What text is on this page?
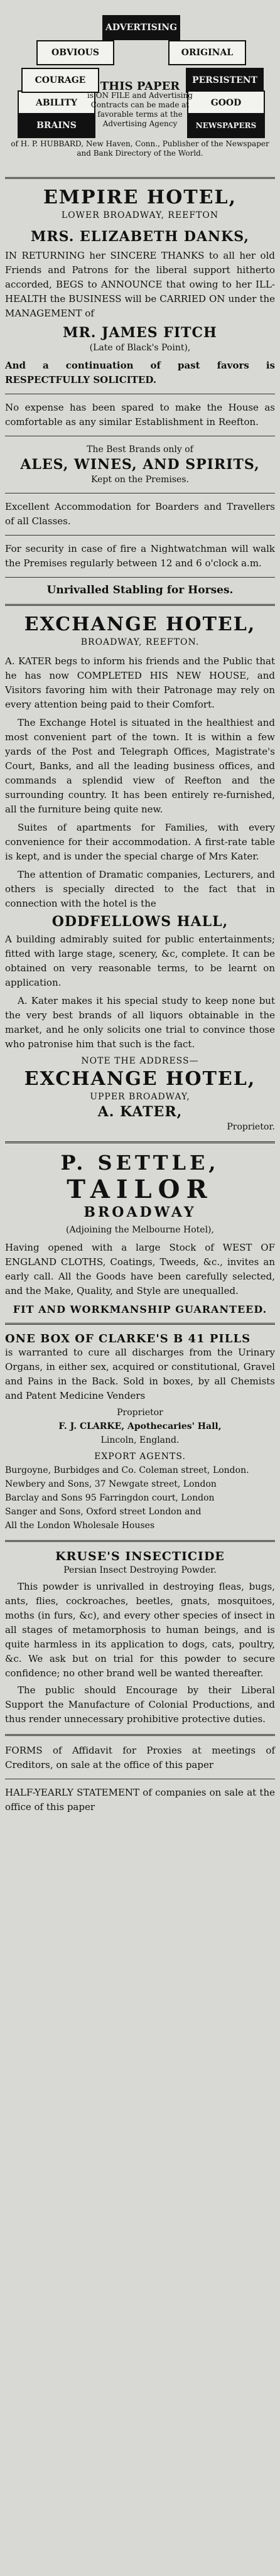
ABILITY
COURAGE
BRAINS
OBVIOUS
ADVERTISING
ORIGINAL
PERSISTENT
GOOD
NEWSPAPERS
THIS PAPER
is ON FILE and Advertising Contracts can be made at favorable terms at the Advertising Agency
of H. P. HUBBARD, New Haven, Conn., Publisher of the Newspaper and Bank Directory of the World.
EMPIRE HOTEL,
LOWER BROADWAY, REEFTON
MRS. ELIZABETH DANKS,
IN RETURNING her SINCERE THANKS to all her old Friends and Patrons for the liberal support hitherto accorded, BEGS to ANNOUNCE that owing to her ILL-HEALTH the BUSINESS will be CARRIED ON under the MANAGEMENT of
MR. JAMES FITCH
(Late of Black's Point),
And a continuation of past favors is RESPECTFULLY SOLICITED.
No expense has been spared to make the House as comfortable as any similar Establishment in Reefton.
The Best Brands only of
ALES, WINES, AND SPIRITS,
Kept on the Premises.
Excellent Accommodation for Boarders and Travellers of all Classes.
For security in case of fire a Nightwatchman will walk the Premises regularly between 12 and 6 o'clock a.m.
Unrivalled Stabling for Horses.
EXCHANGE HOTEL,
BROADWAY, REEFTON.
A. KATER begs to inform his friends and the Public that he has now COMPLETED HIS NEW HOUSE, and Visitors favoring him with their Patronage may rely on every attention being paid to their Comfort.
The Exchange Hotel is situated in the healthiest and most convenient part of the town. It is within a few yards of the Post and Telegraph Offices, Magistrate's Court, Banks, and all the leading business offices, and commands a splendid view of Reefton and the surrounding country. It has been entirely re-furnished, all the furniture being quite new.
Suites of apartments for Families, with every convenience for their accommodation. A first-rate table is kept, and is under the special charge of Mrs Kater.
The attention of Dramatic companies, Lecturers, and others is specially directed to the fact that in connection with the hotel is the
ODDFELLOWS HALL,
A building admirably suited for public entertainments; fitted with large stage, scenery, &c, complete. It can be obtained on very reasonable terms, to be learnt on application.
A. Kater makes it his special study to keep none but the very best brands of all liquors obtainable in the market, and he only solicits one trial to convince those who patronise him that such is the fact.
NOTE THE ADDRESS—
EXCHANGE HOTEL,
UPPER BROADWAY,
A. KATER,
Proprietor.
P. SETTLE,
TAILOR
BROADWAY
(Adjoining the Melbourne Hotel),
Having opened with a large Stock of WEST OF ENGLAND CLOTHS, Coatings, Tweeds, &c., invites an early call. All the Goods have been carefully selected, and the Make, Quality, and Style are unequalled.
FIT AND WORKMANSHIP GUARANTEED.
ONE BOX OF CLARKE'S B 41 PILLS
is warranted to cure all discharges from the Urinary Organs, in either sex, acquired or constitutional, Gravel and Pains in the Back. Sold in boxes, by all Chemists and Patent Medicine Venders
Proprietor
F. J. CLARKE, Apothecaries' Hall,
Lincoln, England.
EXPORT AGENTS.
Burgoyne, Burbidges and Co. Coleman street, London.
Newbery and Sons, 37 Newgate street, London
Barclay and Sons 95 Farringdon court, London
Sanger and Sons, Oxford street London and
All the London Wholesale Houses
KRUSE'S INSECTICIDE
Persian Insect Destroying Powder.
This powder is unrivalled in destroying fleas, bugs, ants, flies, cockroaches, beetles, gnats, mosquitoes, moths (in furs, &c), and every other species of insect in all stages of metamorphosis to human beings, and is quite harmless in its application to dogs, cats, poultry, &c. We ask but on trial for this powder to secure confidence; no other brand well be wanted thereafter.
The public should Encourage by their Liberal Support the Manufacture of Colonial Productions, and thus render unnecessary prohibitive protective duties.
FORMS of Affidavit for Proxies at meetings of Creditors, on sale at the office of this paper
HALF-YEARLY STATEMENT of companies on sale at the office of this paper
